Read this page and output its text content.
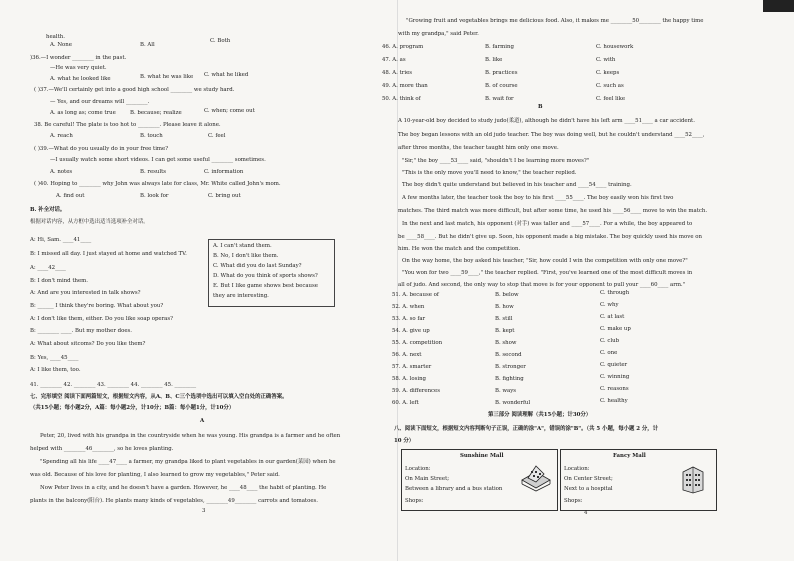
health.
A. None	B. All
C. Both
)36.—I wonder ________ in the past.
—He was very quiet.
A. what he looked like	B. what he was like C. what he liked
( )37.—We'll certainly get into a good high school ________ we study hard.
— Yes, and our dreams will ________.
A. as long as; come true	B. because; realize	C. when; come out
38. Be careful! The plate is too hot to ________. Please leave it alone.
A. reach	B. touch	C. feel
( )39.—What do you usually do in your free time?
—I usually watch some short videos. I can get some useful ________ sometimes.
A. notes	B. results	C. information
( )40. Hoping to ________ why John was always late for class, Mr. White called John's mom.
A. find out	B. look for	C. bring out
B. 补全对话。
根据对话内容，从方框中选出适当选项补全对话。
A: Hi, Sam. ____41____
B: I missed all day. I just stayed at home and watched TV.
A: ____42____
B: I don't mind them.
A: And are you interested in talk shows?
B: ______ I think they're boring. What about you?
A: I don't like them, either. Do you like soap operas?
B: ________ ____. But my mother does.
A: What about sitcoms? Do you like them?
B: Yes, ____45____
A: I like them, too.
A. I can't stand them.
B. No, I don't like them.
C. What did you do last Sunday?
D. What do you think of sports shows?
E. But I like game shows best because
they are interesting.
41. ________ 42. ________ 43. ________ 44. ________ 45. ________
七、完形填空 阅读下面两篇短文，根据短文内容，从A、B、C三个选项中选出可以填入空白处的正确答案。
（共15小题；每小题2分，A篇：每小题2分，计10分；B篇：每小题1分，计10分）
A
Peter, 20, lived with his grandpa in the countryside when he was young. His grandpa is a farmer and he often
helped with ________46________, so he loves planting.
"Spending all his life ____47____ a farmer, my grandpa liked to plant vegetables in our garden(菜园) when he
was old. Because of his love for planting, I also learned to grow my vegetables," Peter said.
Now Peter lives in a city, and he doesn't have a garden. However, he ____48____ the habit of planting. He
plants in the balcony(阳台). He plants many kinds of vegetables, ________49________ carrots and tomatoes.
3
"Growing fruit and vegetables brings me delicious food. Also, it makes me ________50________ the happy time
with my grandpa," said Peter.
46. A. program	B. farming	C. housework
47. A. as	B. like	C. with
48. A. tries	B. practices	C. keeps
49. A. more than	B. of course	C. such as
50. A. think of	B. wait for	C. feel like
B
A 10-year-old boy decided to study judo(柔道), although he didn't have his left arm ____51____ a car accident.
The boy began lessons with an old judo teacher. The boy was doing well, but he couldn't understand ____52____,
after three months, the teacher taught him only one move.
"Sir," the boy ____53____ said, "shouldn't I be learning more moves?"
"This is the only move you'll need to know," the teacher replied.
The boy didn't quite understand but believed in his teacher and ____54____ training.
A few months later, the teacher took the boy to his first ____55____. The boy easily won his first two
matches. The third match was more difficult, but after some time, he used his ____56____ move to win the match.
In the next and last match, his opponent (对手) was taller and ____57____. For a while, the boy appeared to
be ____58____. But he didn't give up. Soon, his opponent made a big mistake. The boy quickly used his move on
him. He won the match and the competition.
On the way home, the boy asked his teacher, "Sir, how could I win the competition with only one move?"
"You won for two ____59____," the teacher replied. "First, you've learned one of the most difficult moves in
all of judo. And second, the only way to stop that move is for your opponent to pull your ____60____ arm."
51. A. because of	B. below	C. through
52. A. when	B. how	C. why
53. A. so far	B. still	C. at last
54. A. give up	B. kept	C. make up
55. A. competition	B. show	C. club
56. A. next	B. second	C. one
57. A. smarter	B. stronger	C. quieter
58. A. losing	B. fighting	C. winning
59. A. differences	B. ways	C. reasons
60. A. left	B. wonderful	C. healthy
第三部分 阅读理解（共15小题；计30分）
八、阅读下面短文，根据短文内容判断句子正误，正确的涂"A"，错误的涂"B"。（共 5 小题，每小题 2 分，计
10 分）
Sunshine Mall
Location:
On Main Street;
Between a library and a bus station
Shops:
Fancy Mall
Location:
On Center Street;
Next to a hospital
Shops:
4
